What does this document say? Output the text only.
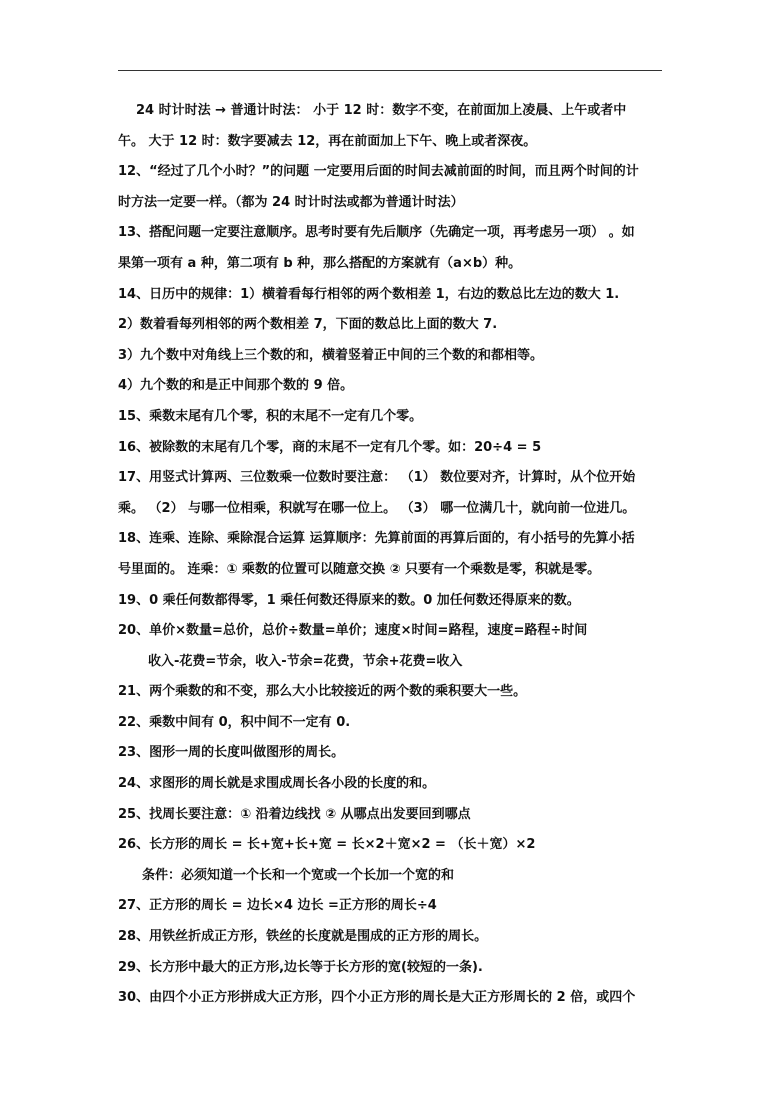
24 时计时法 → 普通计时法： 小于 12 时：数字不变，在前面加上凌晨、上午或者中
午。 大于 12 时：数字要减去 12，再在前面加上下午、晚上或者深夜。
12、“经过了几个小时？”的问题 一定要用后面的时间去减前面的时间，而且两个时间的计
时方法一定要一样。（都为 24 时计时法或都为普通计时法）
13、搭配问题一定要注意顺序。思考时要有先后顺序（先确定一项，再考虑另一项） 。如
果第一项有 a 种，第二项有 b 种，那么搭配的方案就有（a×b）种。
14、日历中的规律：1）横着看每行相邻的两个数相差 1，右边的数总比左边的数大 1.
2）数着看每列相邻的两个数相差 7，下面的数总比上面的数大 7.
3）九个数中对角线上三个数的和，横着竖着正中间的三个数的和都相等。
4）九个数的和是正中间那个数的 9 倍。
15、乘数末尾有几个零，积的末尾不一定有几个零。
16、被除数的末尾有几个零，商的末尾不一定有几个零。如：20÷4 = 5
17、用竖式计算两、三位数乘一位数时要注意： （1） 数位要对齐，计算时，从个位开始
乘。 （2） 与哪一位相乘，积就写在哪一位上。 （3） 哪一位满几十，就向前一位进几。
18、连乘、连除、乘除混合运算 运算顺序：先算前面的再算后面的，有小括号的先算小括
号里面的。 连乘：① 乘数的位置可以随意交换 ② 只要有一个乘数是零，积就是零。
19、0 乘任何数都得零，1 乘任何数还得原来的数。0 加任何数还得原来的数。
20、单价×数量=总价，总价÷数量=单价；速度×时间=路程，速度=路程÷时间
收入-花费=节余，收入-节余=花费，节余+花费=收入
21、两个乘数的和不变，那么大小比较接近的两个数的乘积要大一些。
22、乘数中间有 0，积中间不一定有 0.
23、图形一周的长度叫做图形的周长。
24、求图形的周长就是求围成周长各小段的长度的和。
25、找周长要注意：① 沿着边线找 ② 从哪点出发要回到哪点
26、长方形的周长 = 长+宽+长+宽 = 长×2＋宽×2 = （长＋宽）×2
条件：必须知道一个长和一个宽或一个长加一个宽的和
27、正方形的周长 = 边长×4 边长 =正方形的周长÷4
28、用铁丝折成正方形，铁丝的长度就是围成的正方形的周长。
29、长方形中最大的正方形,边长等于长方形的宽(较短的一条).
30、由四个小正方形拼成大正方形，四个小正方形的周长是大正方形周长的 2 倍，或四个
